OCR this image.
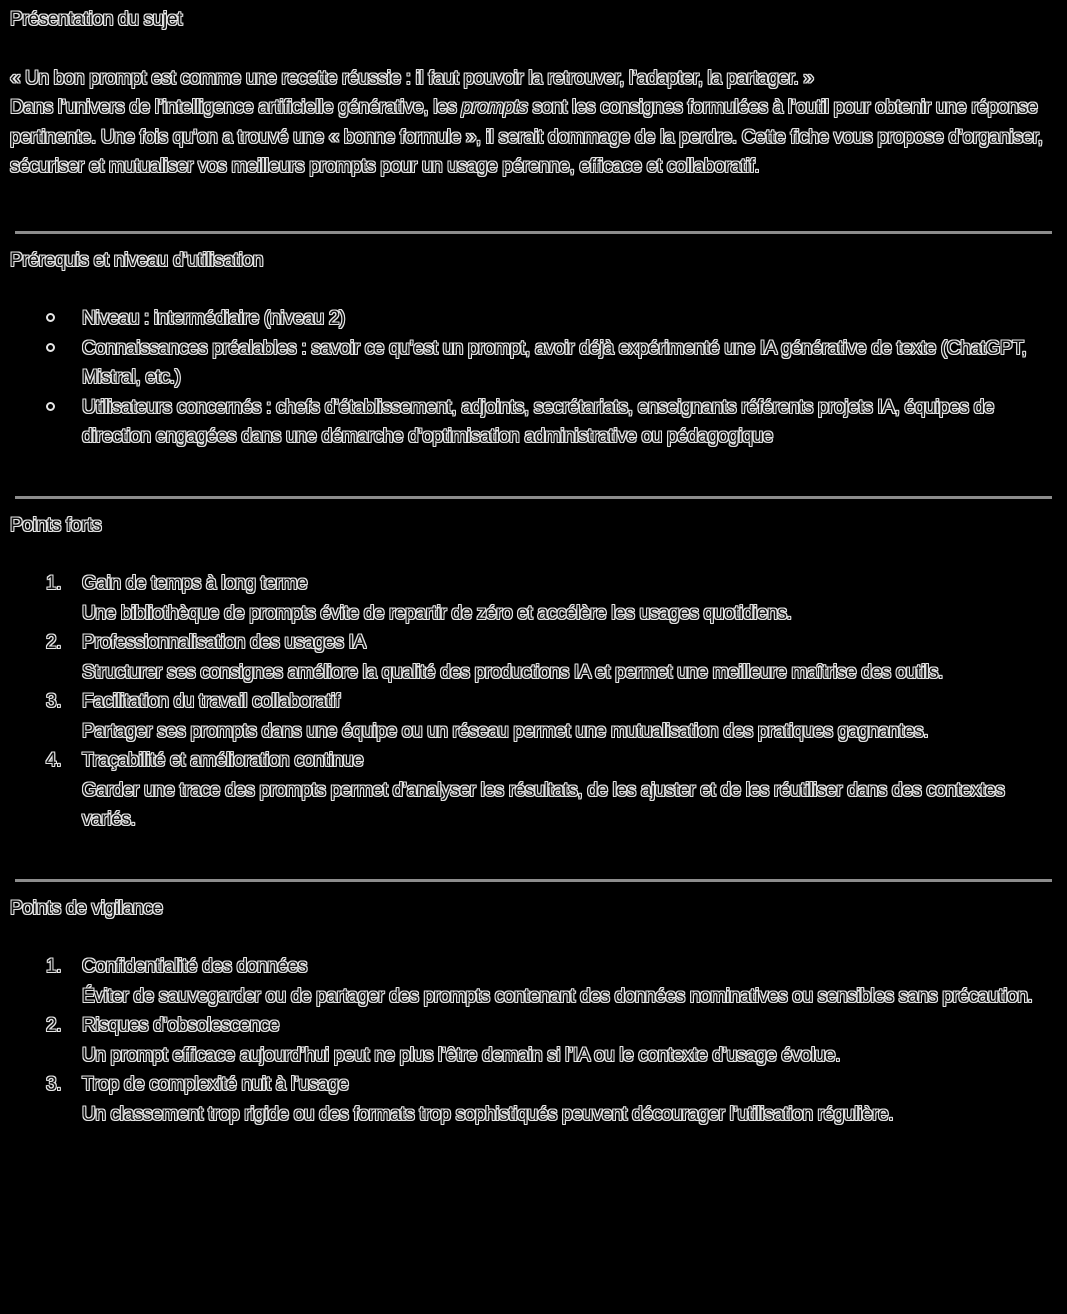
Présentation du sujet

« Un bon prompt est comme une recette réussie : il faut pouvoir la retrouver, l’adapter, la partager. »

Dans l’univers de l’intelligence artificielle générative, les prompts sont les consignes formulées à l’outil pour obtenir une réponse pertinente. Une fois qu’on a trouvé une « bonne formule », il serait dommage de la perdre. Cette fiche vous propose d’organiser, sécuriser et mutualiser vos meilleurs prompts pour un usage pérenne, efficace et collaboratif.

Prérequis et niveau d’utilisation
Niveau : intermédiaire (niveau 2)
Connaissances préalables : savoir ce qu’est un prompt, avoir déjà expérimenté une IA générative de texte (ChatGPT, Mistral, etc.)
Utilisateurs concernés : chefs d’établissement, adjoints, secrétariats, enseignants référents projets IA, équipes de direction engagées dans une démarche d’optimisation administrative ou pédagogique
Points forts
1. Gain de temps à long terme
Une bibliothèque de prompts évite de repartir de zéro et accélère les usages quotidiens.
2. Professionnalisation des usages IA
Structurer ses consignes améliore la qualité des productions IA et permet une meilleure maîtrise des outils.
3. Facilitation du travail collaboratif
Partager ses prompts dans une équipe ou un réseau permet une mutualisation des pratiques gagnantes.
4. Traçabilité et amélioration continue
Garder une trace des prompts permet d’analyser les résultats, de les ajuster et de les réutiliser dans des contextes variés.
Points de vigilance
1. Confidentialité des données
Éviter de sauvegarder ou de partager des prompts contenant des données nominatives ou sensibles sans précaution.
2. Risques d’obsolescence
Un prompt efficace aujourd’hui peut ne plus l’être demain si l’IA ou le contexte d’usage évolue.
3. Trop de complexité nuit à l’usage
Un classement trop rigide ou des formats trop sophistiqués peuvent décourager l’utilisation régulière.
